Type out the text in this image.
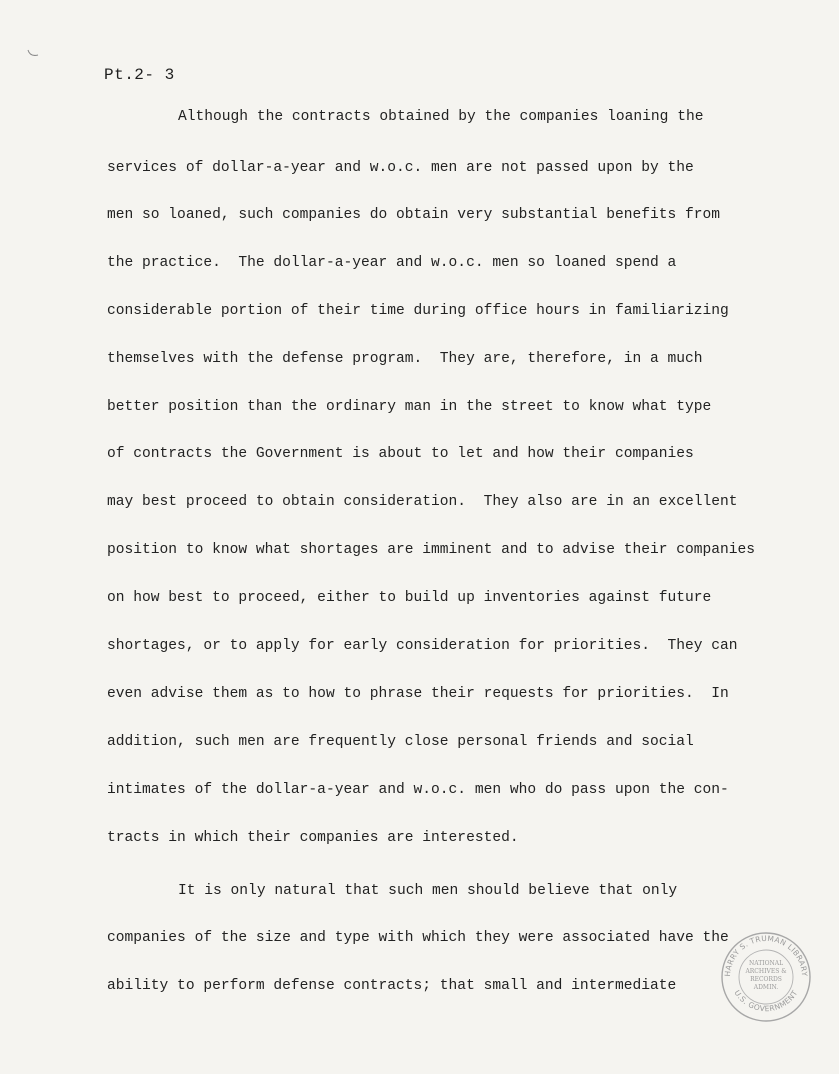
Pt.2- 3
Although the contracts obtained by the companies loaning the
services of dollar-a-year and w.o.c. men are not passed upon by the
men so loaned, such companies do obtain very substantial benefits from
the practice.  The dollar-a-year and w.o.c. men so loaned spend a
considerable portion of their time during office hours in familiarizing
themselves with the defense program.  They are, therefore, in a much
better position than the ordinary man in the street to know what type
of contracts the Government is about to let and how their companies
may best proceed to obtain consideration.  They also are in an excellent
position to know what shortages are imminent and to advise their companies
on how best to proceed, either to build up inventories against future
shortages, or to apply for early consideration for priorities.  They can
even advise them as to how to phrase their requests for priorities.  In
addition, such men are frequently close personal friends and social
intimates of the dollar-a-year and w.o.c. men who do pass upon the con-
tracts in which their companies are interested.
It is only natural that such men should believe that only
companies of the size and type with which they were associated have the
ability to perform defense contracts; that small and intermediate
HARRY S. TRUMAN LIBRARY
U.S. GOVERNMENT
NATIONAL
ARCHIVES &
RECORDS
ADMIN.
